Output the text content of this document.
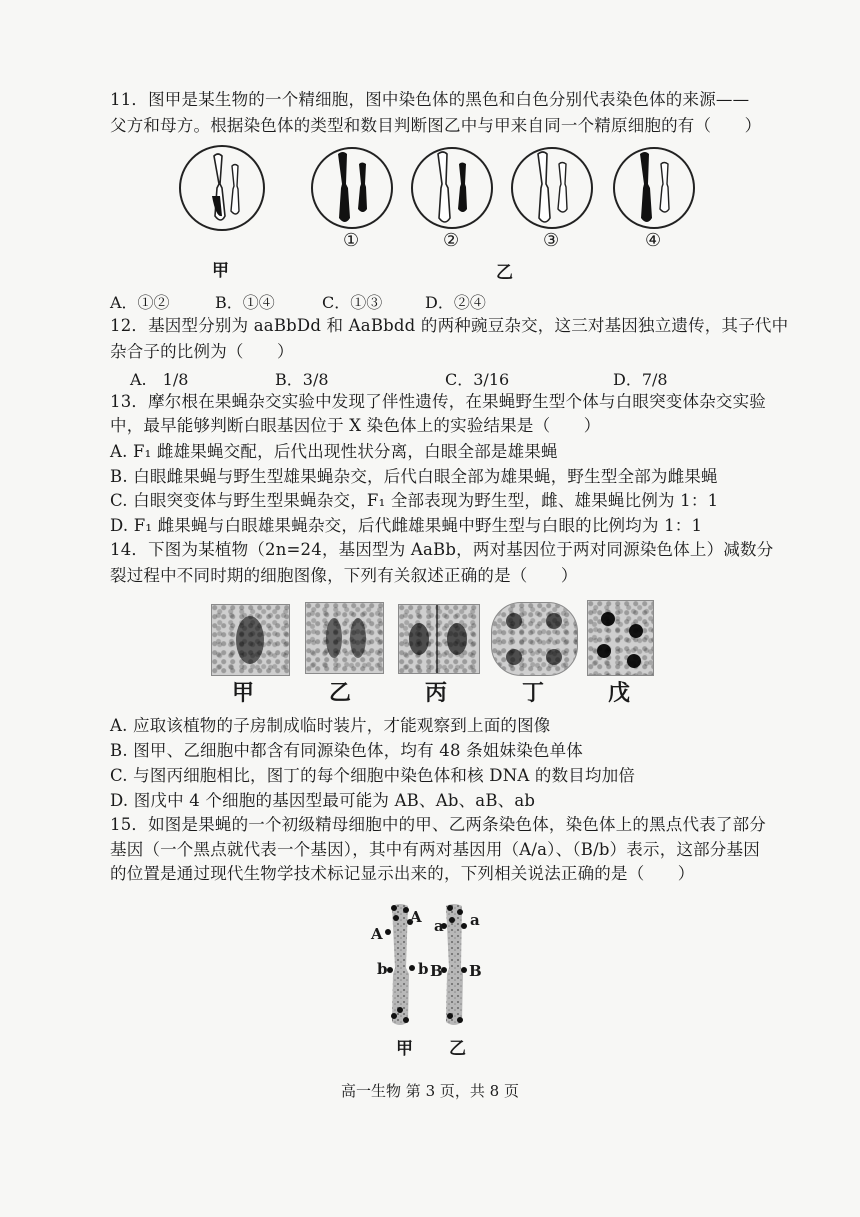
11．图甲是某生物的一个精细胞，图中染色体的黑色和白色分别代表染色体的来源——
父方和母方。根据染色体的类型和数目判断图乙中与甲来自同一个精原细胞的有（　　）
①	②	③	④
甲	乙
A．①②	B．①④	C．①③	D．②④
12．基因型分别为 aaBbDd 和 AaBbdd 的两种豌豆杂交，这三对基因独立遗传，其子代中
杂合子的比例为（　　）
A.　1/8	B．3/8	C．3/16	D．7/8
13．摩尔根在果蝇杂交实验中发现了伴性遗传，在果蝇野生型个体与白眼突变体杂交实验
中，最早能够判断白眼基因位于 X 染色体上的实验结果是（　　）
A. F₁ 雌雄果蝇交配，后代出现性状分离，白眼全部是雄果蝇
B. 白眼雌果蝇与野生型雄果蝇杂交，后代白眼全部为雄果蝇，野生型全部为雌果蝇
C. 白眼突变体与野生型果蝇杂交，F₁ 全部表现为野生型，雌、雄果蝇比例为 1：1
D. F₁ 雌果蝇与白眼雄果蝇杂交，后代雌雄果蝇中野生型与白眼的比例均为 1：1
14．下图为某植物（2n=24，基因型为 AaBb，两对基因位于两对同源染色体上）减数分
裂过程中不同时期的细胞图像，下列有关叙述正确的是（　　）
甲	乙	丙	丁	戊
A. 应取该植物的子房制成临时装片，才能观察到上面的图像
B. 图甲、乙细胞中都含有同源染色体，均有 48 条姐妹染色单体
C. 与图丙细胞相比，图丁的每个细胞中染色体和核 DNA 的数目均加倍
D. 图戊中 4 个细胞的基因型最可能为 AB、Ab、aB、ab
15．如图是果蝇的一个初级精母细胞中的甲、乙两条染色体，染色体上的黑点代表了部分
基因（一个黑点就代表一个基因），其中有两对基因用（A/a）、（B/b）表示，这部分基因
的位置是通过现代生物学技术标记显示出来的，下列相关说法正确的是（　　）
A
A	a a
b b B B
甲 乙
高一生物 第 3 页，共 8 页
